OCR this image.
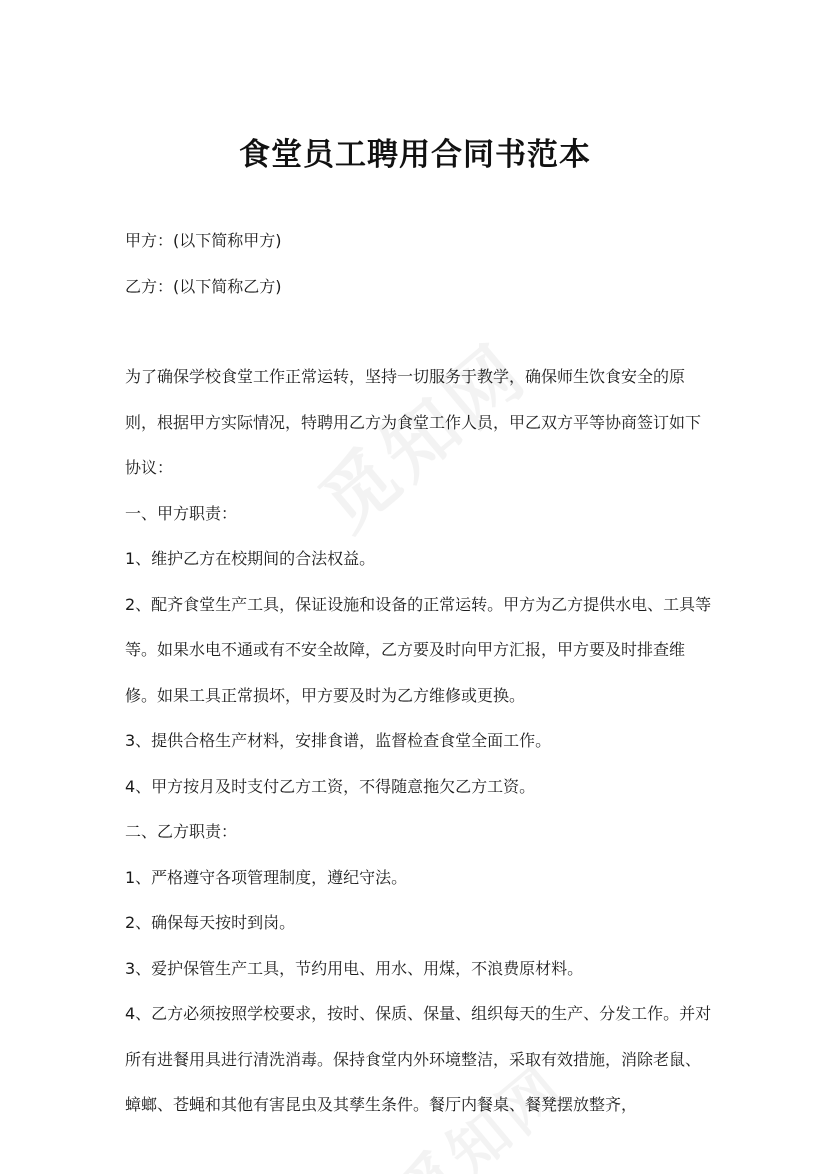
食堂员工聘用合同书范本

甲方：(以下简称甲方)

乙方：(以下简称乙方)

为了确保学校食堂工作正常运转，坚持一切服务于教学，确保师生饮食安全的原则，根据甲方实际情况，特聘用乙方为食堂工作人员，甲乙双方平等协商签订如下协议：

一、甲方职责：

1、维护乙方在校期间的合法权益。

2、配齐食堂生产工具，保证设施和设备的正常运转。甲方为乙方提供水电、工具等等。如果水电不通或有不安全故障，乙方要及时向甲方汇报，甲方要及时排查维修。如果工具正常损坏，甲方要及时为乙方维修或更换。

3、提供合格生产材料，安排食谱，监督检查食堂全面工作。

4、甲方按月及时支付乙方工资，不得随意拖欠乙方工资。

二、乙方职责：

1、严格遵守各项管理制度，遵纪守法。

2、确保每天按时到岗。

3、爱护保管生产工具，节约用电、用水、用煤，不浪费原材料。

4、乙方必须按照学校要求，按时、保质、保量、组织每天的生产、分发工作。并对所有进餐用具进行清洗消毒。保持食堂内外环境整洁，采取有效措施，消除老鼠、蟑螂、苍蝇和其他有害昆虫及其孳生条件。餐厅内餐桌、餐凳摆放整齐，
